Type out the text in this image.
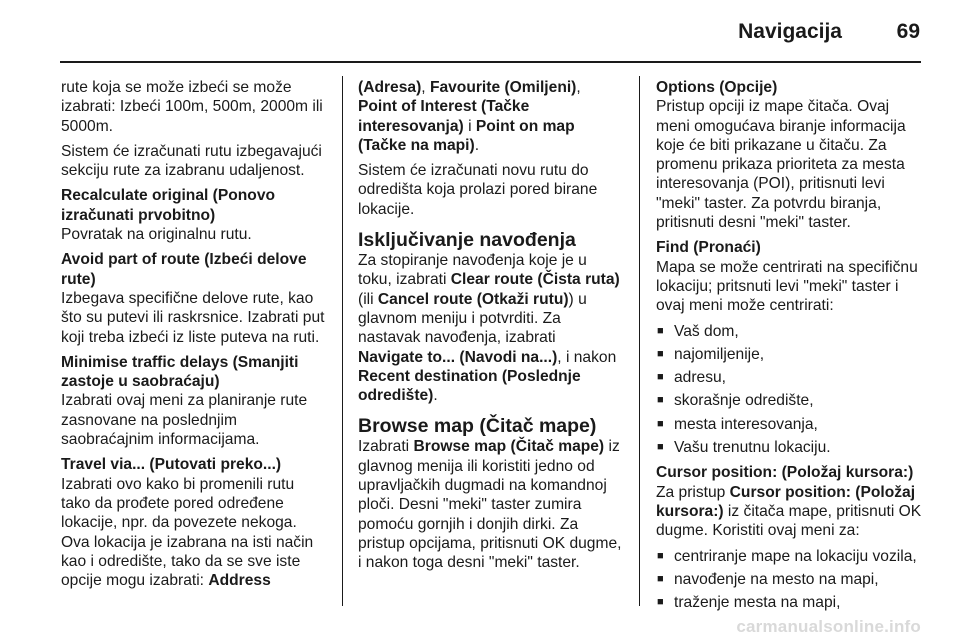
Navigacija	69

rute koja se može izbeći se može izabrati: Izbeći 100m, 500m, 2000m ili 5000m.

Sistem će izračunati rutu izbegavajući sekciju rute za izabranu udaljenost.

Recalculate original (Ponovo izračunati prvobitno)

Povratak na originalnu rutu.

Avoid part of route (Izbeći delove rute)

Izbegava specifične delove rute, kao što su putevi ili raskrsnice. Izabrati put koji treba izbeći iz liste puteva na ruti.

Minimise traffic delays (Smanjiti zastoje u saobraćaju)

Izabrati ovaj meni za planiranje rute zasnovane na poslednjim saobraćajnim informacijama.

Travel via... (Putovati preko...)

Izabrati ovo kako bi promenili rutu tako da prođete pored određene lokacije, npr. da povezete nekoga. Ova lokacija je izabrana na isti način kao i odredište, tako da se sve iste opcije mogu izabrati: Address

(Adresa), Favourite (Omiljeni), Point of Interest (Tačke interesovanja) i Point on map (Tačke na mapi).

Sistem će izračunati novu rutu do odredišta koja prolazi pored birane lokacije.

Isključivanje navođenja

Za stopiranje navođenja koje je u toku, izabrati Clear route (Čista ruta) (ili Cancel route (Otkaži rutu)) u glavnom meniju i potvrditi. Za nastavak navođenja, izabrati Navigate to... (Navodi na...), i nakon Recent destination (Poslednje odredište).

Browse map (Čitač mape)

Izabrati Browse map (Čitač mape) iz glavnog menija ili koristiti jedno od upravljačkih dugmadi na komandnoj ploči. Desni "meki" taster zumira pomoću gornjih i donjih dirki. Za pristup opcijama, pritisnuti OK dugme, i nakon toga desni "meki" taster.

Options (Opcije)

Pristup opciji iz mape čitača. Ovaj meni omogućava biranje informacija koje će biti prikazane u čitaču. Za promenu prikaza prioriteta za mesta interesovanja (POI), pritisnuti levi "meki" taster. Za potvrdu biranja, pritisnuti desni "meki" taster.

Find (Pronaći)

Mapa se može centrirati na specifičnu lokaciju; pritsnuti levi "meki" taster i ovaj meni može centrirati:

■ Vaš dom,
■ najomiljenije,
■ adresu,
■ skorašnje odredište,
■ mesta interesovanja,
■ Vašu trenutnu lokaciju.
Cursor position: (Položaj kursora:)

Za pristup Cursor position: (Položaj kursora:) iz čitača mape, pritisnuti OK dugme. Koristiti ovaj meni za:

■ centriranje mape na lokaciju vozila,
■ navođenje na mesto na mapi,
■ traženje mesta na mapi,
carmanualsonline.info
